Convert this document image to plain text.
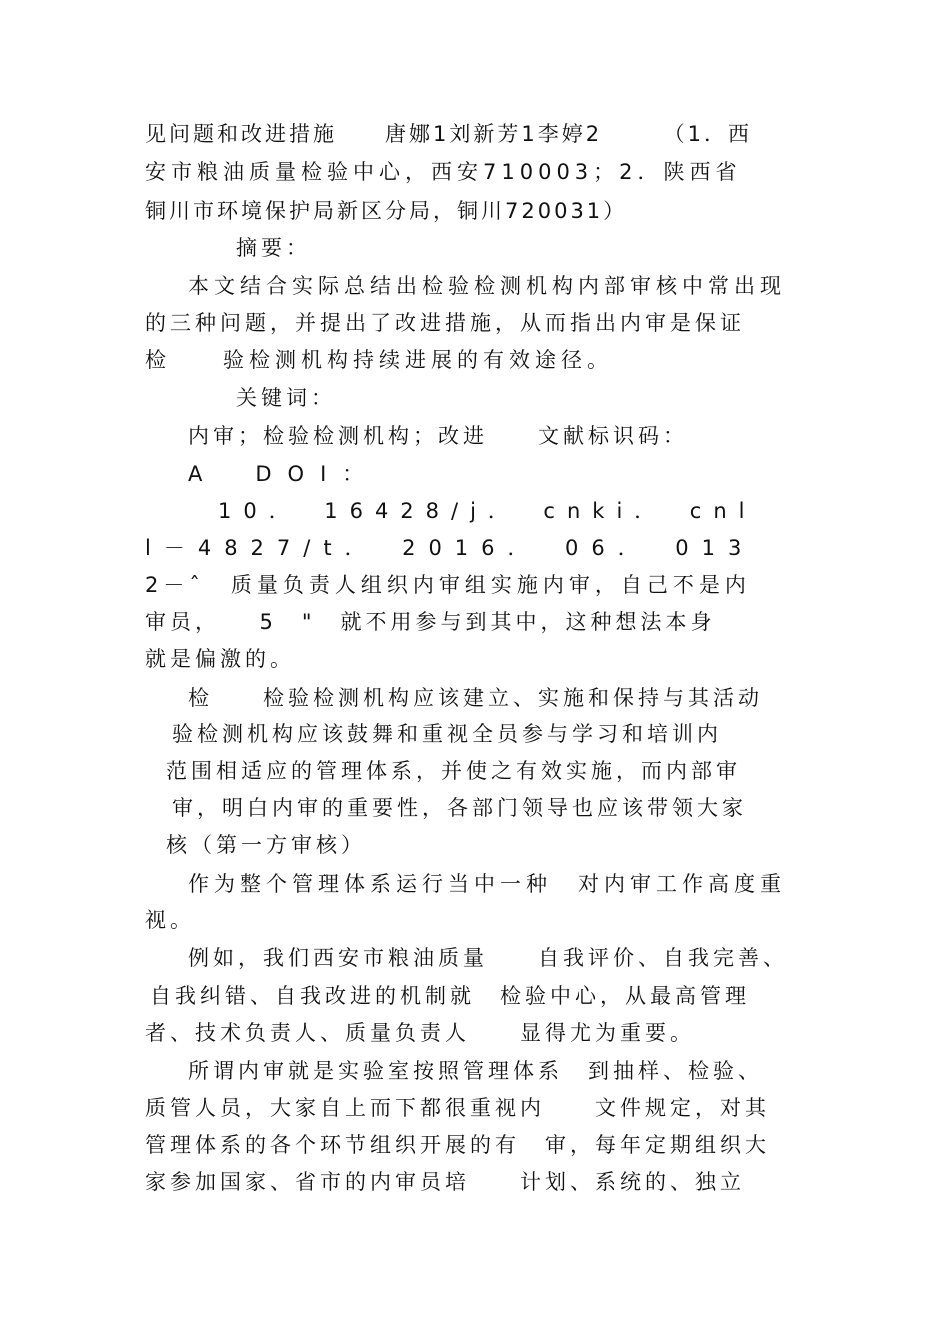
见问题和改进措施　　唐娜1刘新芳1李婷2　　　（1．西
安市粮油质量检验中心，西安710003；2．陕西省
铜川市环境保护局新区分局，铜川720031）
摘要：
本文结合实际总结出检验检测机构内部审核中常出现
的三种问题，并提出了改进措施，从而指出内审是保证
检　　验检测机构持续进展的有效途径。
关键词：
内审；检验检测机构；改进　　文献标识码：
A　DOI：
10．　16428/j．　cnki．　cnl
l－4827/t．　2016．　06．　013
2－ˆ　质量负责人组织内审组实施内审，自己不是内
审员，　　5　"　就不用参与到其中，这种想法本身
就是偏激的。
检　　检验检测机构应该建立、实施和保持与其活动
验检测机构应该鼓舞和重视全员参与学习和培训内
范围相适应的管理体系，并使之有效实施，而内部审
审，明白内审的重要性，各部门领导也应该带领大家
核（第一方审核）
作为整个管理体系运行当中一种　对内审工作高度重
视。
例如，我们西安市粮油质量　　自我评价、自我完善、
自我纠错、自我改进的机制就　检验中心，从最高管理
者、技术负责人、质量负责人　　显得尤为重要。
所谓内审就是实验室按照管理体系　到抽样、检验、
质管人员，大家自上而下都很重视内　　文件规定，对其
管理体系的各个环节组织开展的有　审，每年定期组织大
家参加国家、省市的内审员培　　计划、系统的、独立
